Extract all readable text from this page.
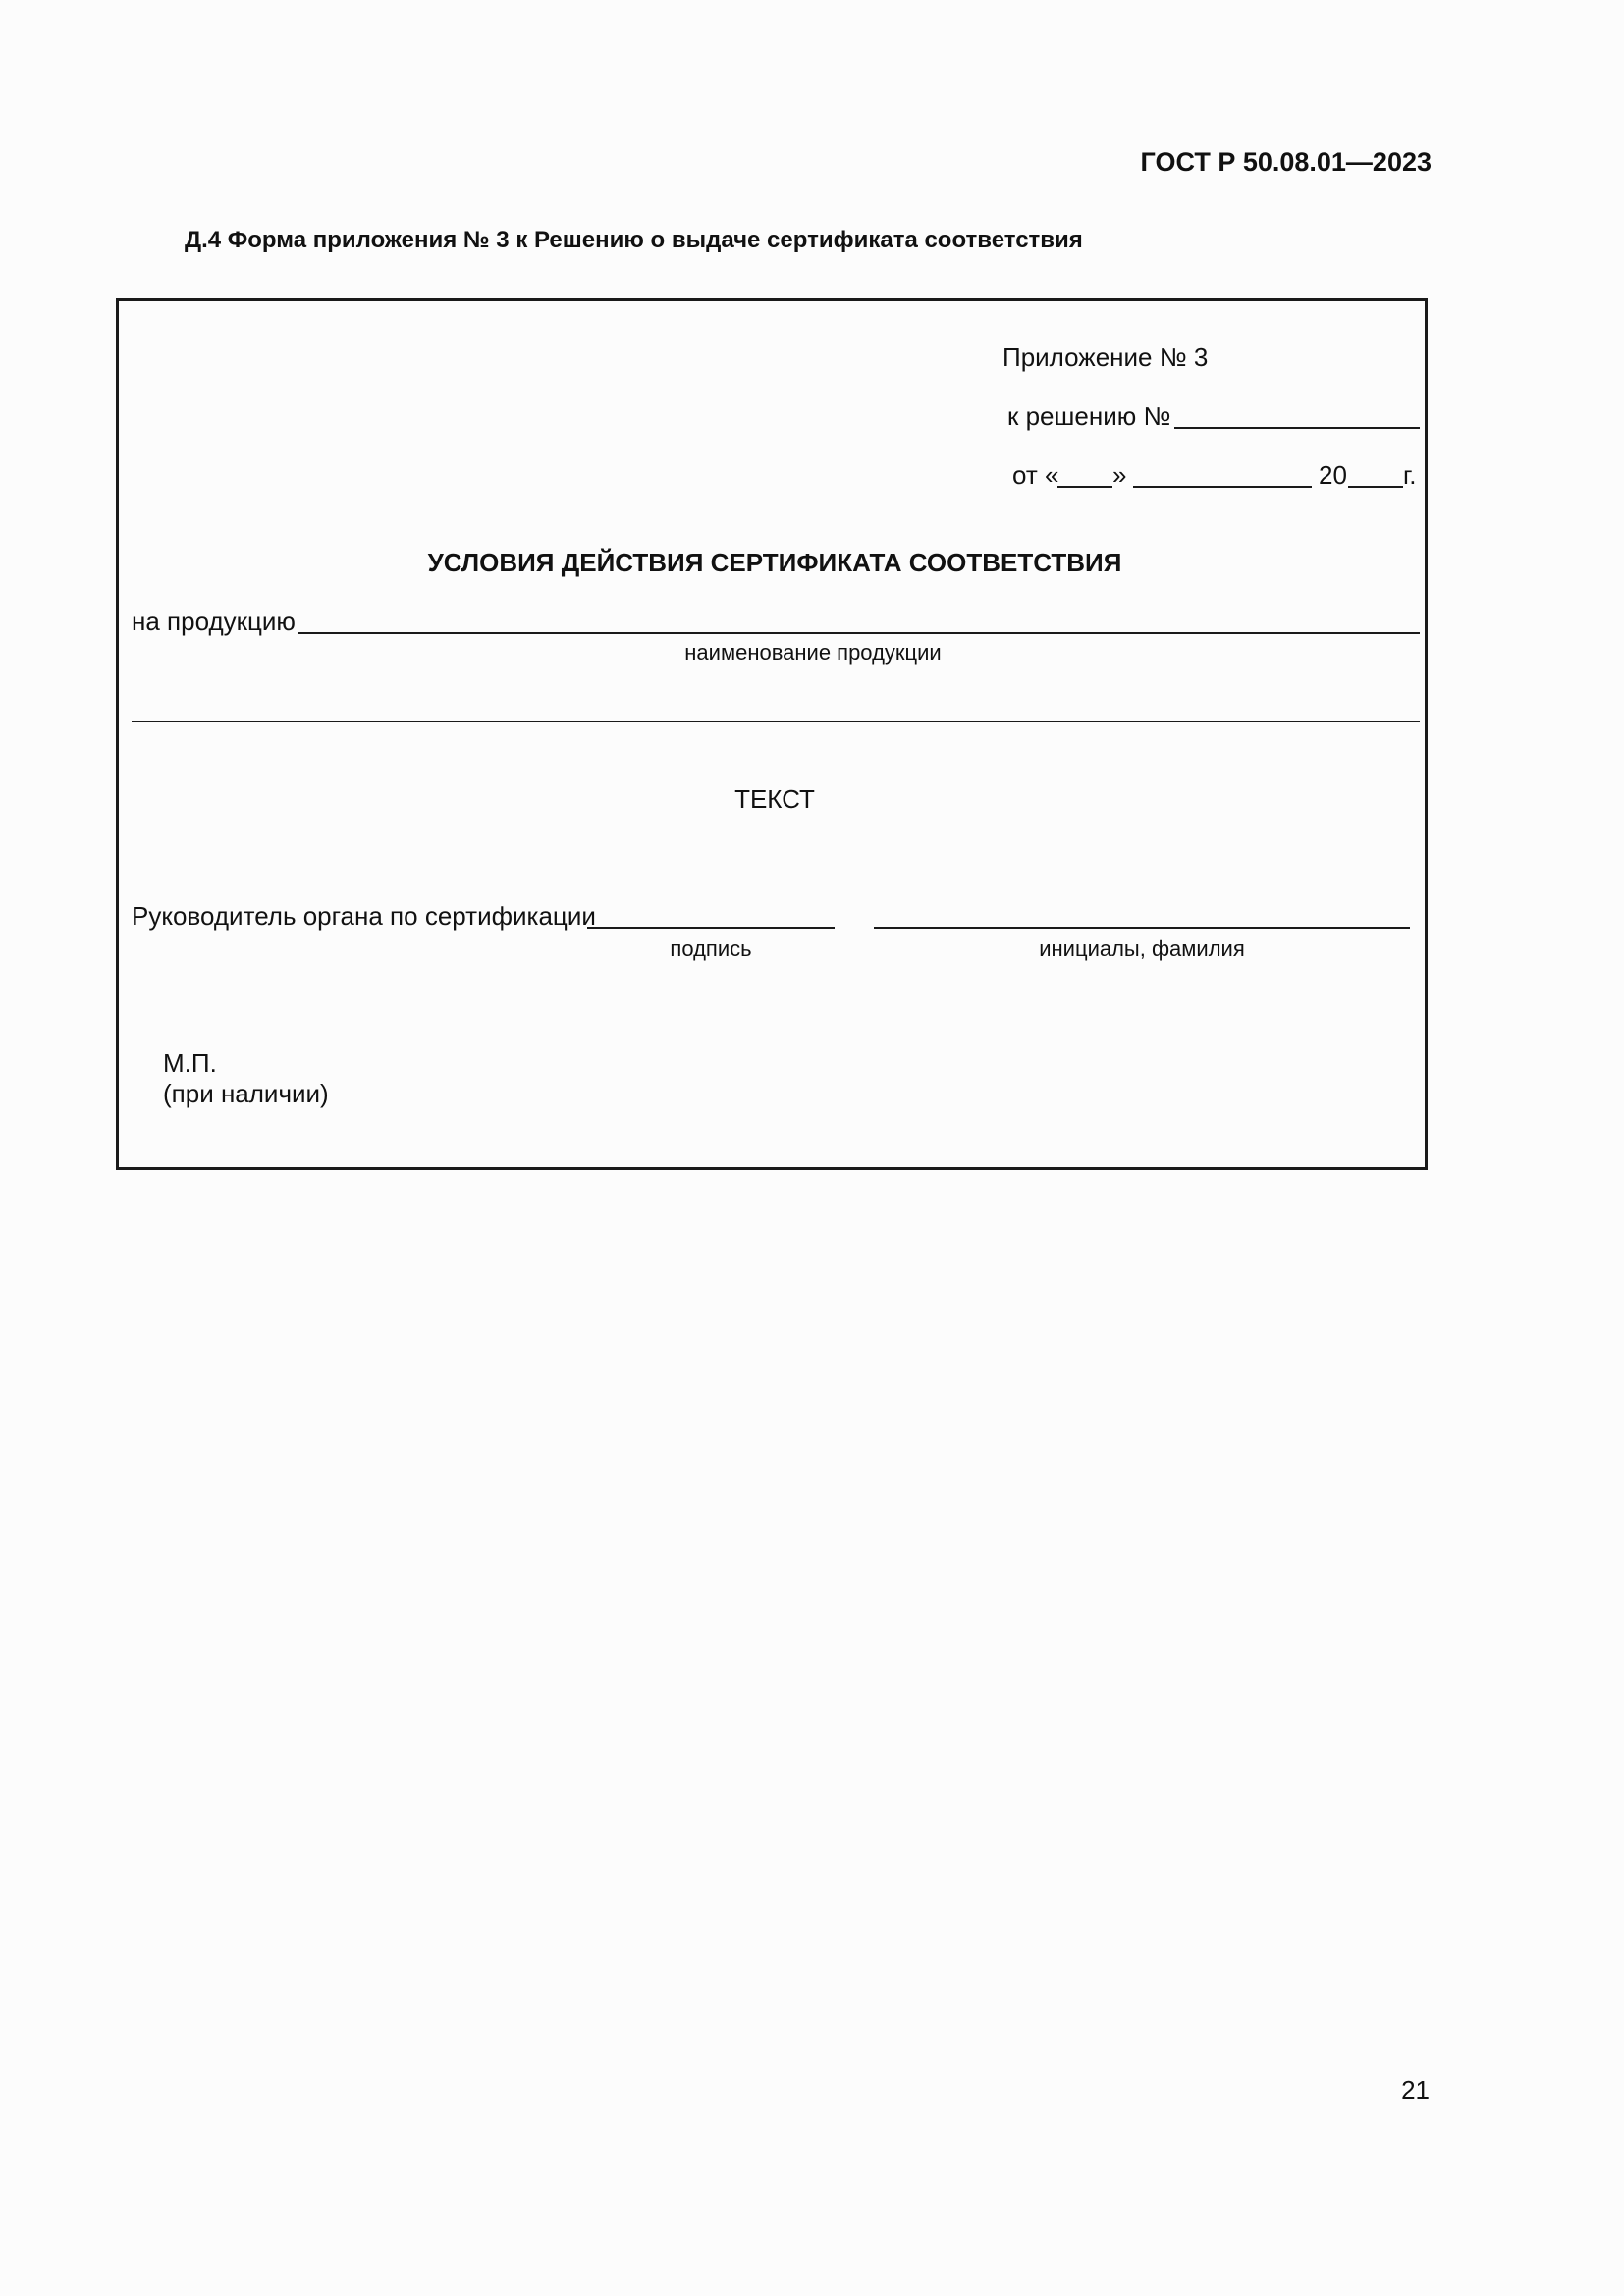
ГОСТ Р 50.08.01—2023
Д.4 Форма приложения № 3 к Решению о выдаче сертификата соответствия
Приложение № 3
к решению №
от « »	20 г.
УСЛОВИЯ ДЕЙСТВИЯ СЕРТИФИКАТА СООТВЕТСТВИЯ
на продукцию
наименование продукции
ТЕКСТ
Руководитель органа по сертификации
подпись	инициалы, фамилия
М.П.
(при наличии)
21
